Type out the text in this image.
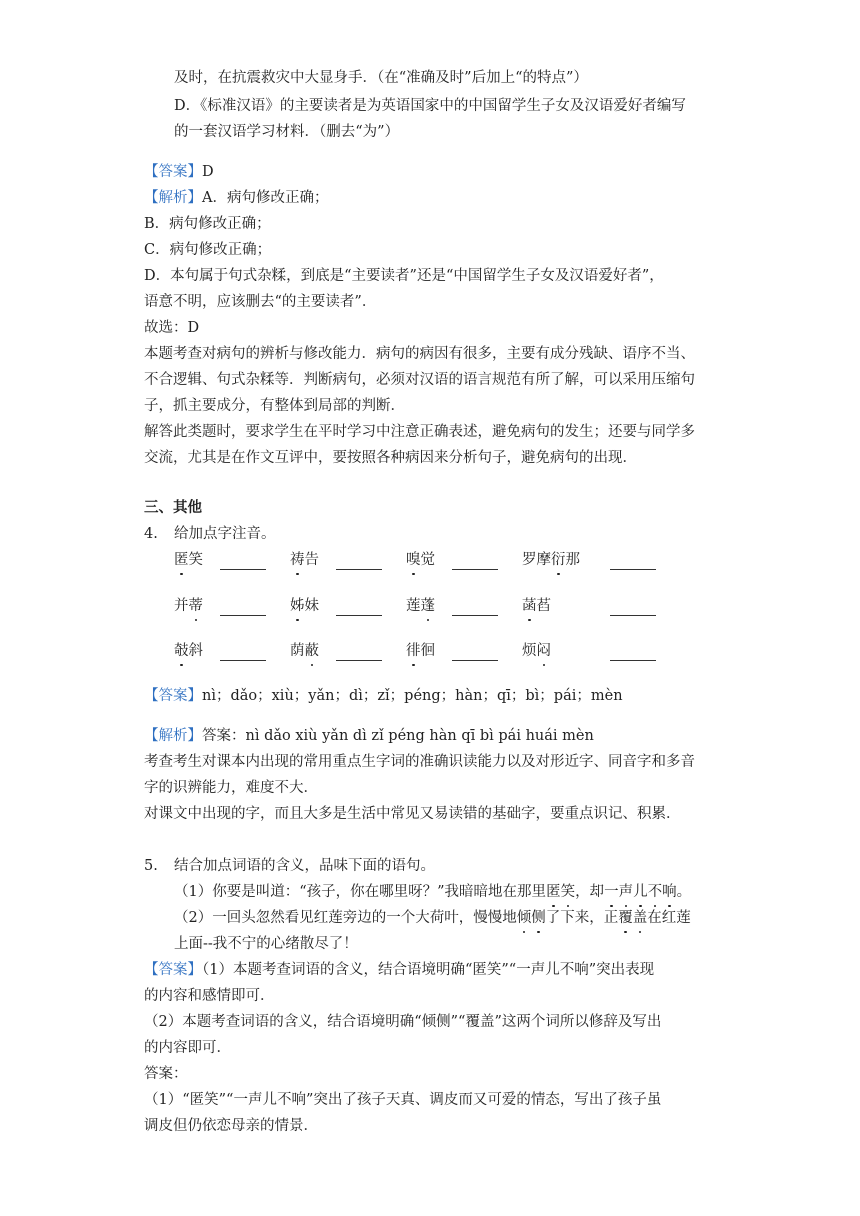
及时，在抗震救灾中大显身手．（在“准确及时”后加上“的特点”）
D．《标准汉语》的主要读者是为英语国家中的中国留学生子女及汉语爱好者编写
的一套汉语学习材料．（删去“为”）
【答案】D
【解析】A．病句修改正确；
B．病句修改正确；
C．病句修改正确；
D．本句属于句式杂糅，到底是“主要读者”还是“中国留学生子女及汉语爱好者”，
语意不明，应该删去“的主要读者”．
故选：D
本题考查对病句的辨析与修改能力．病句的病因有很多，主要有成分残缺、语序不当、
不合逻辑、句式杂糅等．判断病句，必须对汉语的语言规范有所了解，可以采用压缩句
子，抓主要成分，有整体到局部的判断．
解答此类题时，要求学生在平时学习中注意正确表述，避免病句的发生；还要与同学多
交流，尤其是在作文互评中，要按照各种病因来分析句子，避免病句的出现．
三、其他
4. 给加点字注音。
匿笑	祷告	嗅觉	罗摩衍那
并蒂	姊妹	莲蓬	菡萏
攲斜	荫蔽	徘徊	烦闷
【答案】nì；dǎo；xiù；yǎn；dì；zǐ；péng；hàn；qī；bì；pái；mèn
【解析】答案：nì dǎo xiù yǎn dì zǐ péng hàn qī bì pái huái mèn
考查考生对课本内出现的常用重点生字词的准确识读能力以及对形近字、同音字和多音
字的识辨能力，难度不大．
对课文中出现的字，而且大多是生活中常见又易读错的基础字，要重点识记、积累．
5. 结合加点词语的含义，品味下面的语句。
（1）你要是叫道：“孩子，你在哪里呀？”我暗暗地在那里匿笑，却一声儿不响。
（2）一回头忽然看见红莲旁边的一个大荷叶，慢慢地倾侧了下来，正覆盖在红莲
上面--我不宁的心绪散尽了！
【答案】（1）本题考查词语的含义，结合语境明确“匿笑”“一声儿不响”突出表现
的内容和感情即可．
（2）本题考查词语的含义，结合语境明确“倾侧”“覆盖”这两个词所以修辞及写出
的内容即可．
答案：
（1）“匿笑”“一声儿不响”突出了孩子天真、调皮而又可爱的情态，写出了孩子虽
调皮但仍依恋母亲的情景．
